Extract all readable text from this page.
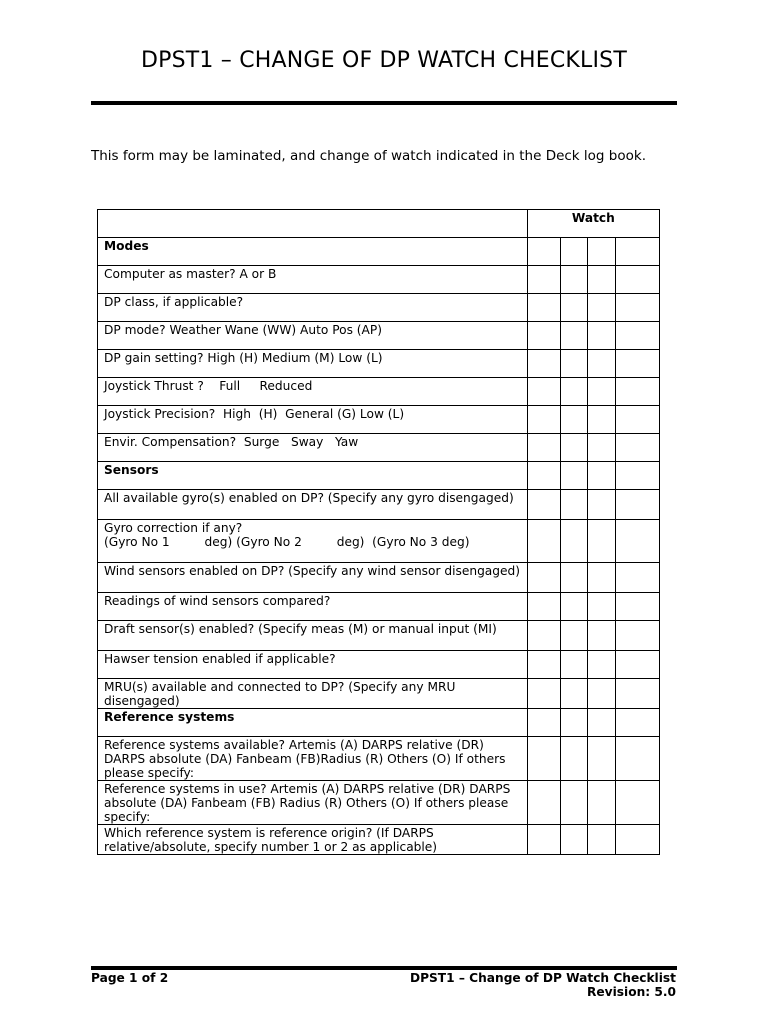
DPST1 – CHANGE OF DP WATCH CHECKLIST
This form may be laminated, and change of watch indicated in the Deck log book.
	Watch			
Modes				
Computer as master? A or B				
DP class, if applicable?				
DP mode? Weather Wane (WW) Auto Pos (AP)				
DP gain setting? High (H) Medium (M) Low (L)				
Joystick Thrust ?    Full     Reduced				
Joystick Precision?  High  (H)  General (G) Low (L)				
Envir. Compensation?  Surge   Sway   Yaw				
Sensors				
All available gyro(s) enabled on DP? (Specify any gyro disengaged)				
Gyro correction if any?
(Gyro No 1         deg) (Gyro No 2         deg)  (Gyro No 3 deg)				
Wind sensors enabled on DP? (Specify any wind sensor disengaged)				
Readings of wind sensors compared?				
Draft sensor(s) enabled? (Specify meas (M) or manual input (MI)				
Hawser tension enabled if applicable?				
MRU(s) available and connected to DP? (Specify any MRU disengaged)				
Reference systems				
Reference systems available? Artemis (A) DARPS relative (DR) DARPS absolute (DA) Fanbeam (FB)Radius (R) Others (O) If others please specify:				
Reference systems in use? Artemis (A) DARPS relative (DR) DARPS absolute (DA) Fanbeam (FB) Radius (R) Others (O) If others please specify:				
Which reference system is reference origin? (If DARPS relative/absolute, specify number 1 or 2 as applicable)				
Page 1 of 2	DPST1 – Change of DP Watch Checklist
Revision: 5.0
